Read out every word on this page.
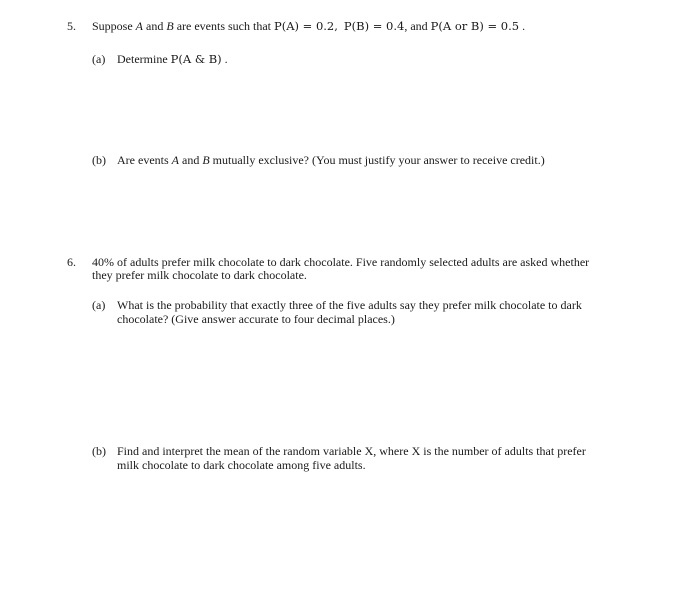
5. Suppose A and B are events such that P(A) = 0.2, P(B) = 0.4, and P(A or B) = 0.5 .
(a) Determine P(A & B) .
(b) Are events A and B mutually exclusive? (You must justify your answer to receive credit.)
6. 40% of adults prefer milk chocolate to dark chocolate. Five randomly selected adults are asked whether
they prefer milk chocolate to dark chocolate.
(a) What is the probability that exactly three of the five adults say they prefer milk chocolate to dark
chocolate? (Give answer accurate to four decimal places.)
(b) Find and interpret the mean of the random variable X, where X is the number of adults that prefer
milk chocolate to dark chocolate among five adults.
